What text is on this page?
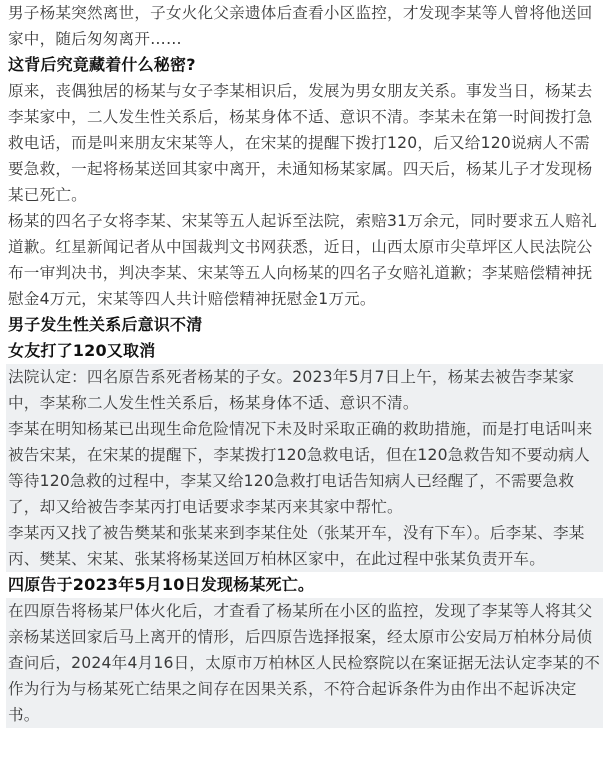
男子杨某突然离世，子女火化父亲遗体后查看小区监控，才发现李某等人曾将他送回家中，随后匆匆离开……

这背后究竟藏着什么秘密?

原来，丧偶独居的杨某与女子李某相识后，发展为男女朋友关系。事发当日，杨某去李某家中，二人发生性关系后，杨某身体不适、意识不清。李某未在第一时间拨打急救电话，而是叫来朋友宋某等人，在宋某的提醒下拨打120，后又给120说病人不需要急救，一起将杨某送回其家中离开，未通知杨某家属。四天后，杨某儿子才发现杨某已死亡。

杨某的四名子女将李某、宋某等五人起诉至法院，索赔31万余元，同时要求五人赔礼道歉。红星新闻记者从中国裁判文书网获悉，近日，山西太原市尖草坪区人民法院公布一审判决书，判决李某、宋某等五人向杨某的四名子女赔礼道歉；李某赔偿精神抚慰金4万元，宋某等四人共计赔偿精神抚慰金1万元。

男子发生性关系后意识不清

女友打了120又取消

法院认定：四名原告系死者杨某的子女。2023年5月7日上午，杨某去被告李某家中，李某称二人发生性关系后，杨某身体不适、意识不清。

李某在明知杨某已出现生命危险情况下未及时采取正确的救助措施，而是打电话叫来被告宋某，在宋某的提醒下，李某拨打120急救电话，但在120急救告知不要动病人等待120急救的过程中，李某又给120急救打电话告知病人已经醒了，不需要急救了，却又给被告李某丙打电话要求李某丙来其家中帮忙。

李某丙又找了被告樊某和张某来到李某住处（张某开车，没有下车）。后李某、李某丙、樊某、宋某、张某将杨某送回万柏林区家中，在此过程中张某负责开车。

四原告于2023年5月10日发现杨某死亡。

在四原告将杨某尸体火化后，才查看了杨某所在小区的监控，发现了李某等人将其父亲杨某送回家后马上离开的情形，后四原告选择报案，经太原市公安局万柏林分局侦查问后，2024年4月16日，太原市万柏林区人民检察院以在案证据无法认定李某的不作为行为与杨某死亡结果之间存在因果关系，不符合起诉条件为由作出不起诉决定书。
